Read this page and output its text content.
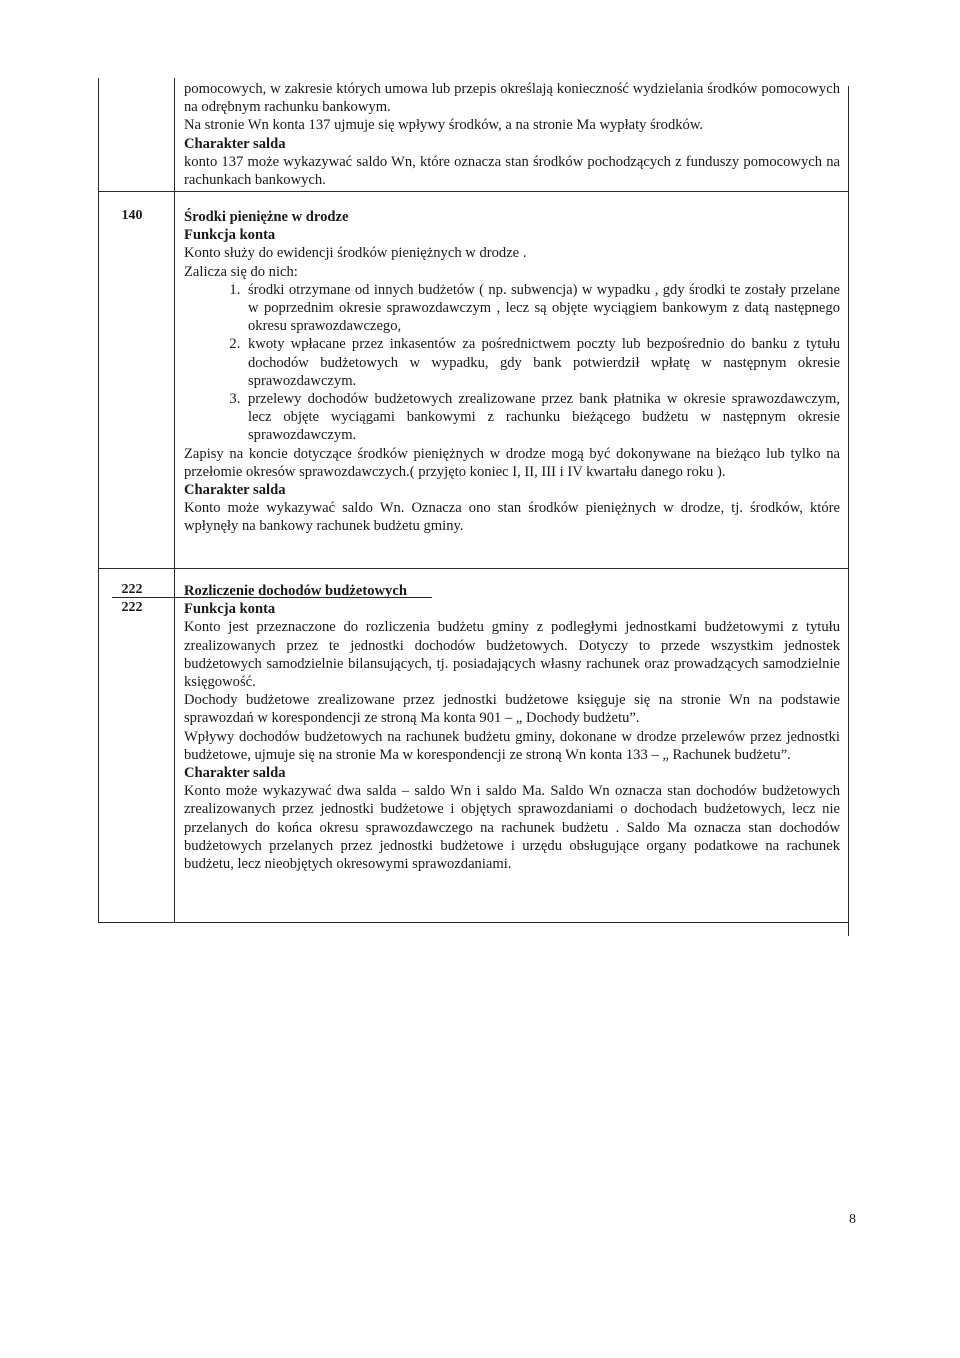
pomocowych, w zakresie których umowa lub przepis określają konieczność wydzielania środków pomocowych na odrębnym rachunku bankowym.

Na stronie Wn konta 137 ujmuje się wpływy środków, a na stronie Ma wypłaty środków.

Charakter salda

konto 137 może wykazywać saldo Wn, które oznacza stan środków pochodzących z funduszy pomocowych na rachunkach bankowych.

140	Środki pieniężne w drodze

Funkcja konta

Konto służy do ewidencji środków pieniężnych w drodze .

Zalicza się do nich:

1. środki otrzymane od innych budżetów ( np. subwencja) w wypadku , gdy środki te zostały przelane w poprzednim okresie sprawozdawczym , lecz są objęte wyciągiem bankowym z datą następnego okresu sprawozdawczego,
2. kwoty wpłacane przez inkasentów za pośrednictwem poczty lub bezpośrednio do banku z tytułu dochodów budżetowych w wypadku, gdy bank potwierdził wpłatę w następnym okresie sprawozdawczym.
3. przelewy dochodów budżetowych zrealizowane przez bank płatnika w okresie sprawozdawczym, lecz objęte wyciągami bankowymi z rachunku bieżącego budżetu w następnym okresie sprawozdawczym.

Zapisy na koncie dotyczące środków pieniężnych w drodze mogą być dokonywane na bieżąco lub tylko na przełomie okresów sprawozdawczych.( przyjęto koniec I, II, III i IV kwartału danego roku ).

Charakter salda

Konto może wykazywać saldo Wn. Oznacza ono stan środków pieniężnych w drodze, tj. środków, które wpłynęły na bankowy rachunek budżetu gminy.

222
222

Rozliczenie dochodów budżetowych

Funkcja konta

Konto jest przeznaczone do rozliczenia budżetu gminy z podległymi jednostkami budżetowymi z tytułu zrealizowanych przez te jednostki dochodów budżetowych. Dotyczy to przede wszystkim jednostek budżetowych samodzielnie bilansujących, tj. posiadających własny rachunek oraz prowadzących samodzielnie księgowość.

Dochody budżetowe zrealizowane przez jednostki budżetowe księguje się na stronie Wn na podstawie sprawozdań w korespondencji ze stroną Ma konta 901 – „ Dochody budżetu”.

Wpływy dochodów budżetowych na rachunek budżetu gminy, dokonane w drodze przelewów przez jednostki budżetowe, ujmuje się na stronie Ma w korespondencji ze stroną Wn konta 133 – „ Rachunek budżetu”.

Charakter salda

Konto może wykazywać dwa salda – saldo Wn i saldo Ma. Saldo Wn oznacza stan dochodów budżetowych zrealizowanych przez jednostki budżetowe i objętych sprawozdaniami o dochodach budżetowych, lecz nie przelanych do końca okresu sprawozdawczego na rachunek budżetu . Saldo Ma oznacza stan dochodów budżetowych przelanych przez jednostki budżetowe i urzędu obsługujące organy podatkowe na rachunek budżetu, lecz nieobjętych okresowymi sprawozdaniami.

8
